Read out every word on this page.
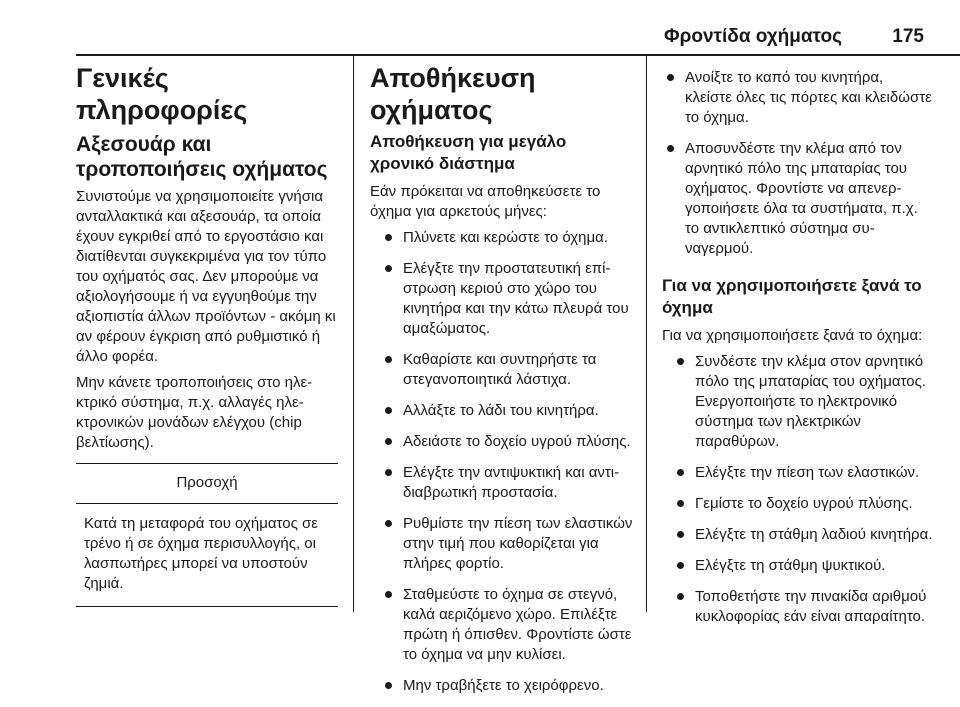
Φροντίδα οχήματος	175
Γενικές πληροφορίες
Αξεσουάρ και τροποποιήσεις οχήματος

Συνιστούμε να χρησιμοποιείτε γνήσια ανταλλακτικά και αξεσουάρ, τα οποία έχουν εγκριθεί από το εργοστάσιο και διατίθενται συγκεκριμένα για τον τύπο του οχήματός σας. Δεν μπορούμε να αξιολογήσουμε ή να εγγυηθούμε την αξιοπιστία άλλων προϊόντων - ακόμη κι αν φέρουν έγκριση από ρυθμιστικό ή άλλο φορέα.

Μην κάνετε τροποποιήσεις στο ηλεκτρικό σύστημα, π.χ. αλλαγές ηλεκτρονικών μονάδων ελέγχου (chip βελτίωσης).

Προσοχή
Κατά τη μεταφορά του οχήματος σε τρένο ή σε όχημα περισυλλογής, οι λασπωτήρες μπορεί να υποστούν ζημιά.
Αποθήκευση οχήματος
Αποθήκευση για μεγάλο χρονικό διάστημα

Εάν πρόκειται να αποθηκεύσετε το όχημα για αρκετούς μήνες:

Πλύνετε και κερώστε το όχημα.
Ελέγξτε την προστατευτική επίστρωση κεριού στο χώρο του κινητήρα και την κάτω πλευρά του αμαξώματος.
Καθαρίστε και συντηρήστε τα στεγανοποιητικά λάστιχα.
Αλλάξτε το λάδι του κινητήρα.
Αδειάστε το δοχείο υγρού πλύσης.
Ελέγξτε την αντιψυκτική και αντιδιαβρωτική προστασία.
Ρυθμίστε την πίεση των ελαστικών στην τιμή που καθορίζεται για πλήρες φορτίο.
Σταθμεύστε το όχημα σε στεγνό, καλά αεριζόμενο χώρο. Επιλέξτε πρώτη ή όπισθεν. Φροντίστε ώστε το όχημα να μην κυλίσει.
Μην τραβήξετε το χειρόφρενο.
Ανοίξτε το καπό του κινητήρα, κλείστε όλες τις πόρτες και κλειδώστε το όχημα.
Αποσυνδέστε την κλέμα από τον αρνητικό πόλο της μπαταρίας του οχήματος. Φροντίστε να απενεργοποιήσετε όλα τα συστήματα, π.χ. το αντικλεπτικό σύστημα συναγερμού.
Για να χρησιμοποιήσετε ξανά το όχημα

Για να χρησιμοποιήσετε ξανά το όχημα:

Συνδέστε την κλέμα στον αρνητικό πόλο της μπαταρίας του οχήματος. Ενεργοποιήστε το ηλεκτρονικό σύστημα των ηλεκτρικών παραθύρων.
Ελέγξτε την πίεση των ελαστικών.
Γεμίστε το δοχείο υγρού πλύσης.
Ελέγξτε τη στάθμη λαδιού κινητήρα.
Ελέγξτε τη στάθμη ψυκτικού.
Τοποθετήστε την πινακίδα αριθμού κυκλοφορίας εάν είναι απαραίτητο.
